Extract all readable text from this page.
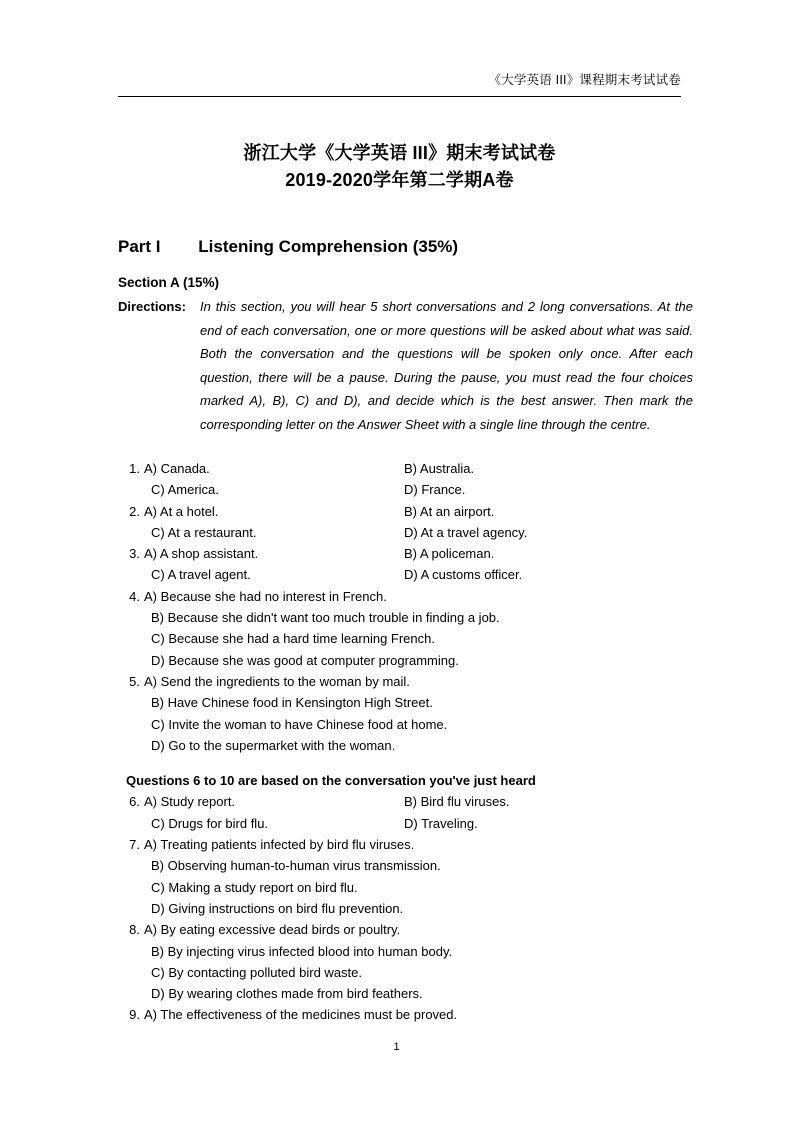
《大学英语 III》课程期末考试试卷
浙江大学《大学英语 III》期末考试试卷
2019-2020学年第二学期A卷
Part I        Listening Comprehension (35%)
Section A (15%)
Directions: In this section, you will hear 5 short conversations and 2 long conversations. At the end of each conversation, one or more questions will be asked about what was said. Both the conversation and the questions will be spoken only once. After each question, there will be a pause. During the pause, you must read the four choices marked A), B), C) and D), and decide which is the best answer. Then mark the corresponding letter on the Answer Sheet with a single line through the centre.
1. A) Canada.	B) Australia.
C) America.	D) France.
2. A) At a hotel.	B) At an airport.
C) At a restaurant.	D) At a travel agency.
3. A) A shop assistant.	B) A policeman.
C) A travel agent.	D) A customs officer.
4. A) Because she had no interest in French.
B) Because she didn't want too much trouble in finding a job.
C) Because she had a hard time learning French.
D) Because she was good at computer programming.
5. A) Send the ingredients to the woman by mail.
B) Have Chinese food in Kensington High Street.
C) Invite the woman to have Chinese food at home.
D) Go to the supermarket with the woman.
Questions 6 to 10 are based on the conversation you've just heard
6. A) Study report.	B) Bird flu viruses.
C) Drugs for bird flu.	D) Traveling.
7. A) Treating patients infected by bird flu viruses.
B) Observing human-to-human virus transmission.
C) Making a study report on bird flu.
D) Giving instructions on bird flu prevention.
8. A) By eating excessive dead birds or poultry.
B) By injecting virus infected blood into human body.
C) By contacting polluted bird waste.
D) By wearing clothes made from bird feathers.
9. A) The effectiveness of the medicines must be proved.
1
